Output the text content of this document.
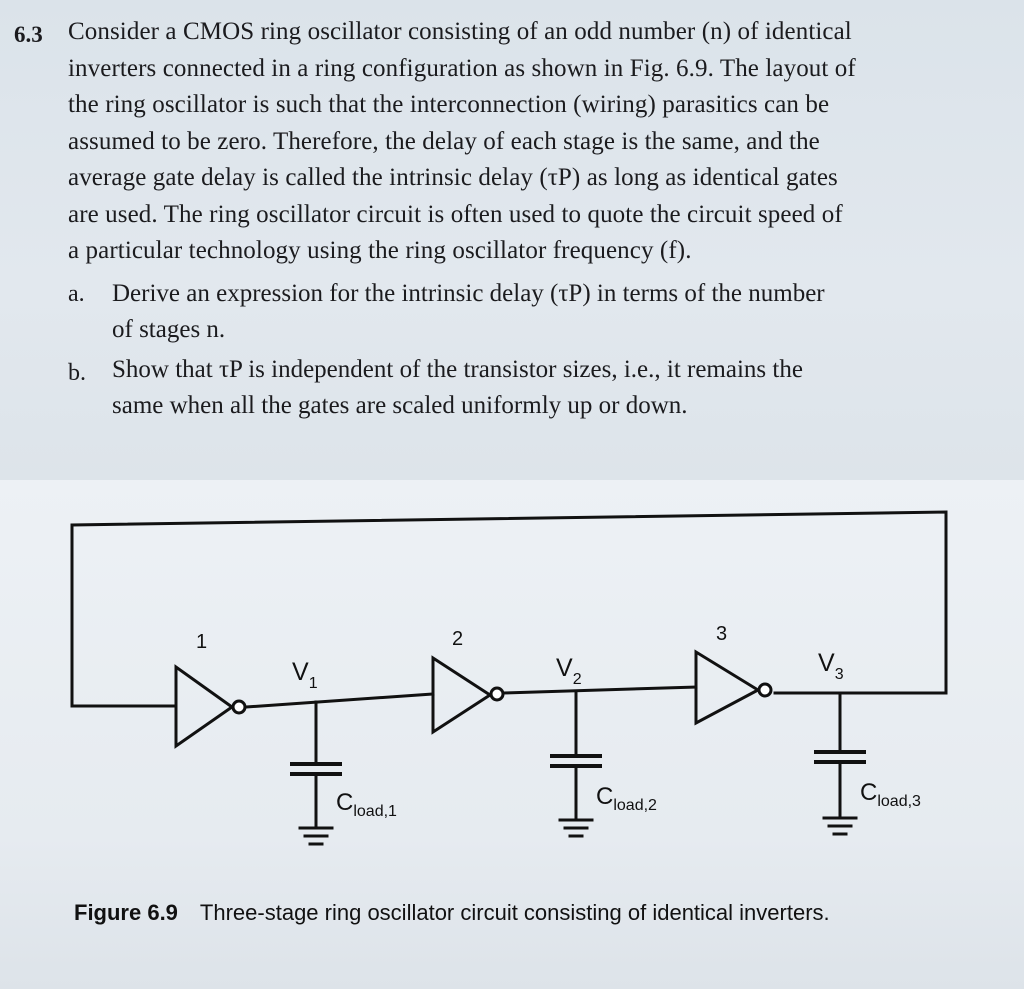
6.3 Consider a CMOS ring oscillator consisting of an odd number (n) of identical
inverters connected in a ring configuration as shown in Fig. 6.9. The layout of
the ring oscillator is such that the interconnection (wiring) parasitics can be
assumed to be zero. Therefore, the delay of each stage is the same, and the
average gate delay is called the intrinsic delay (τP) as long as identical gates
are used. The ring oscillator circuit is often used to quote the circuit speed of
a particular technology using the ring oscillator frequency (f).
a. Derive an expression for the intrinsic delay (τP) in terms of the number
of stages n.
b. Show that τP is independent of the transistor sizes, i.e., it remains the
same when all the gates are scaled uniformly up or down.
1	2	3
$V_1$
$V_2$
$V_3$
$C_{load,1}$
$C_{load,2}$	$C_{load,3}$
Figure 6.9 Three-stage ring oscillator circuit consisting of identical inverters.
